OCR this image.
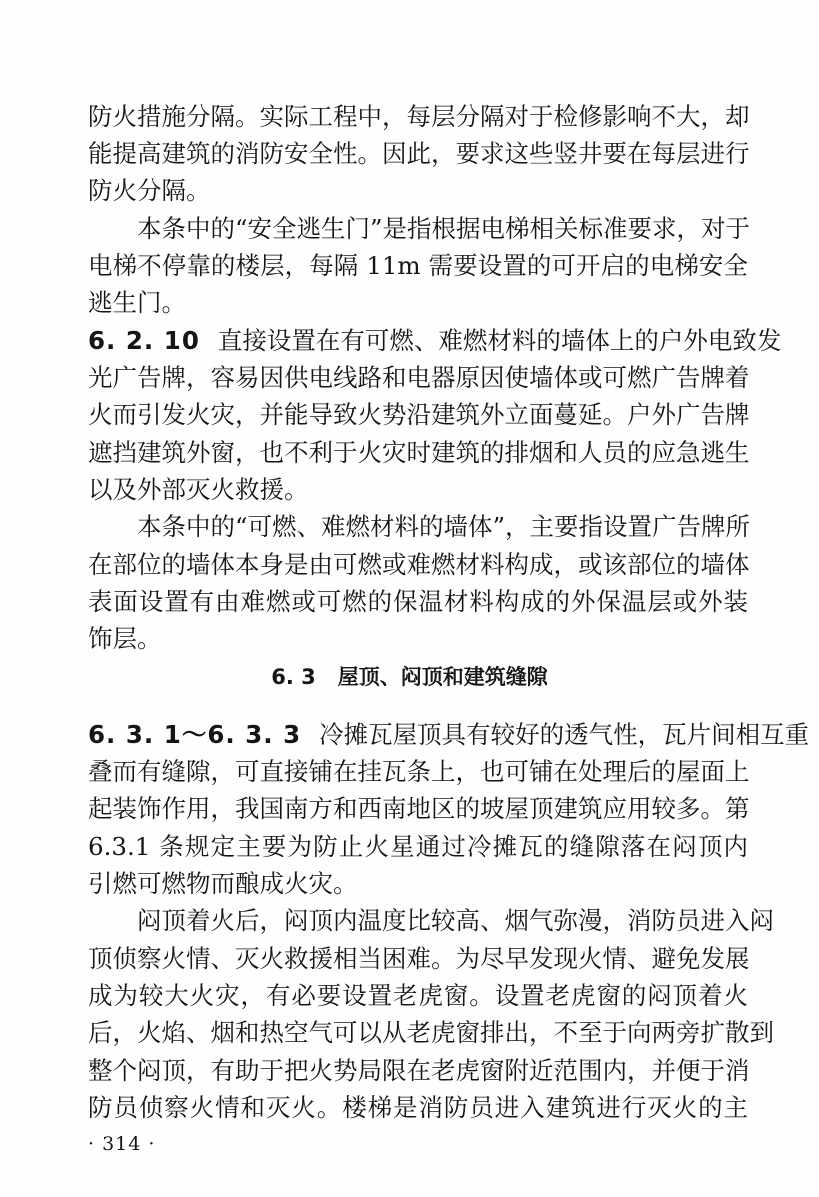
防火措施分隔。实际工程中，每层分隔对于检修影响不大，却
能提高建筑的消防安全性。因此，要求这些竖井要在每层进行
防火分隔。
本条中的“安全逃生门”是指根据电梯相关标准要求，对于
电梯不停靠的楼层，每隔 11m 需要设置的可开启的电梯安全
逃生门。
6. 2. 10 直接设置在有可燃、难燃材料的墙体上的户外电致发
光广告牌，容易因供电线路和电器原因使墙体或可燃广告牌着
火而引发火灾，并能导致火势沿建筑外立面蔓延。户外广告牌
遮挡建筑外窗，也不利于火灾时建筑的排烟和人员的应急逃生
以及外部灭火救援。
本条中的“可燃、难燃材料的墙体”，主要指设置广告牌所
在部位的墙体本身是由可燃或难燃材料构成，或该部位的墙体
表面设置有由难燃或可燃的保温材料构成的外保温层或外装
饰层。
6. 3 屋顶、闷顶和建筑缝隙
6. 3. 1～6. 3. 3 冷摊瓦屋顶具有较好的透气性，瓦片间相互重
叠而有缝隙，可直接铺在挂瓦条上，也可铺在处理后的屋面上
起装饰作用，我国南方和西南地区的坡屋顶建筑应用较多。第
6.3.1 条规定主要为防止火星通过冷摊瓦的缝隙落在闷顶内
引燃可燃物而酿成火灾。
闷顶着火后，闷顶内温度比较高、烟气弥漫，消防员进入闷
顶侦察火情、灭火救援相当困难。为尽早发现火情、避免发展
成为较大火灾，有必要设置老虎窗。设置老虎窗的闷顶着火
后，火焰、烟和热空气可以从老虎窗排出，不至于向两旁扩散到
整个闷顶，有助于把火势局限在老虎窗附近范围内，并便于消
防员侦察火情和灭火。楼梯是消防员进入建筑进行灭火的主
· 314 ·
